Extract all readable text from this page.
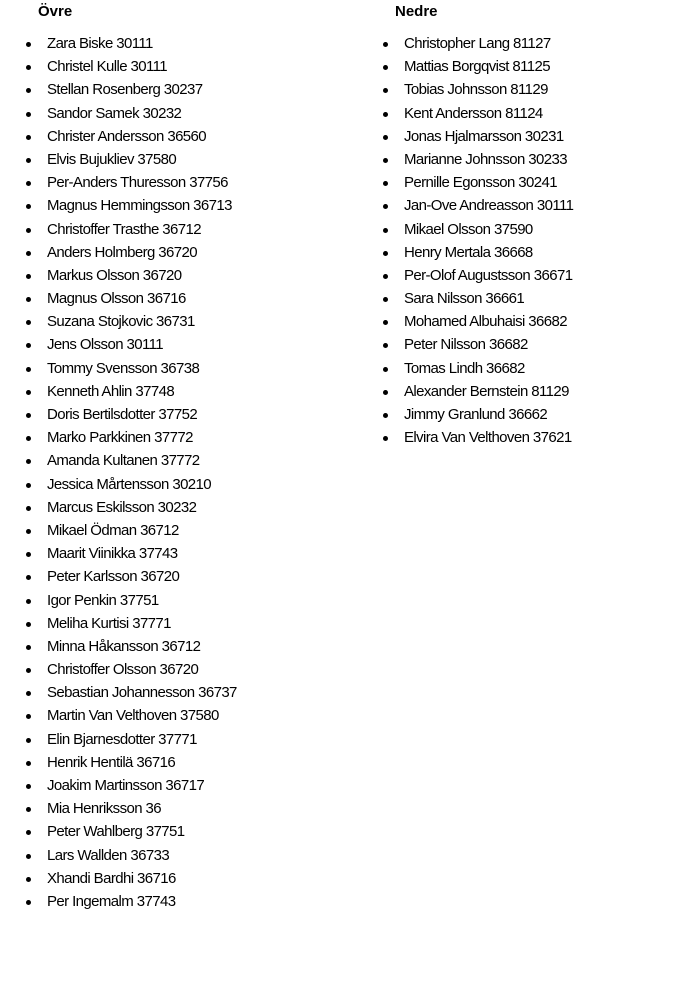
Övre
Zara Biske 30111
Christel Kulle 30111
Stellan Rosenberg 30237
Sandor Samek 30232
Christer Andersson 36560
Elvis Bujukliev 37580
Per-Anders Thuresson 37756
Magnus Hemmingsson 36713
Christoffer Trasthe 36712
Anders Holmberg 36720
Markus Olsson 36720
Magnus Olsson 36716
Suzana Stojkovic 36731
Jens Olsson 30111
Tommy Svensson 36738
Kenneth Ahlin 37748
Doris Bertilsdotter 37752
Marko Parkkinen 37772
Amanda Kultanen 37772
Jessica Mårtensson 30210
Marcus Eskilsson 30232
Mikael Ödman 36712
Maarit Viinikka 37743
Peter Karlsson 36720
Igor Penkin 37751
Meliha Kurtisi 37771
Minna Håkansson 36712
Christoffer Olsson 36720
Sebastian Johannesson 36737
Martin Van Velthoven 37580
Elin Bjarnesdotter 37771
Henrik Hentilä 36716
Joakim Martinsson 36717
Mia Henriksson 36
Peter Wahlberg 37751
Lars Wallden 36733
Xhandi Bardhi 36716
Per Ingemalm 37743
Nedre
Christopher Lang 81127
Mattias Borgqvist 81125
Tobias Johnsson 81129
Kent Andersson 81124
Jonas Hjalmarsson 30231
Marianne Johnsson 30233
Pernille Egonsson 30241
Jan-Ove Andreasson 30111
Mikael Olsson 37590
Henry Mertala 36668
Per-Olof Augustsson 36671
Sara Nilsson 36661
Mohamed Albuhaisi 36682
Peter Nilsson 36682
Tomas Lindh 36682
Alexander Bernstein 81129
Jimmy Granlund 36662
Elvira Van Velthoven 37621
